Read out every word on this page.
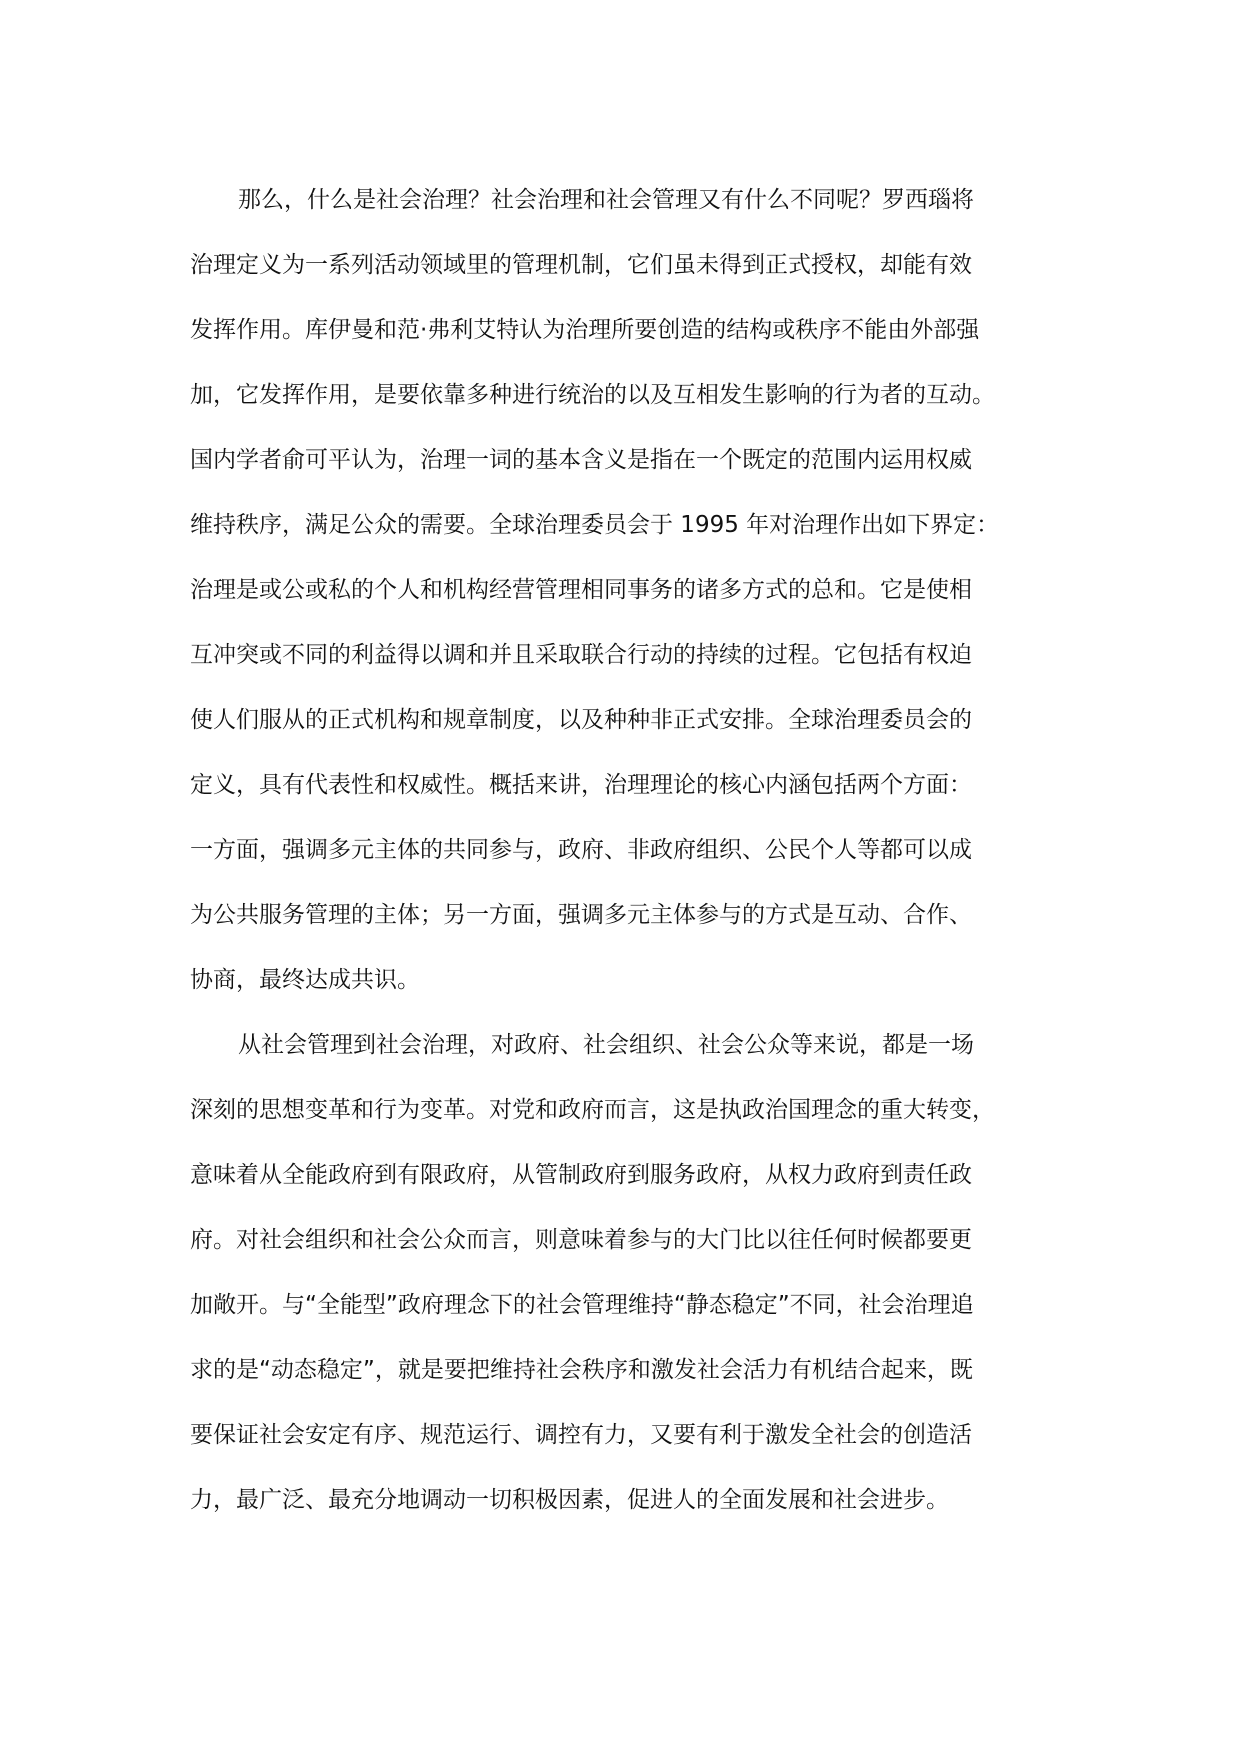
那么，什么是社会治理？社会治理和社会管理又有什么不同呢？罗西瑙将
治理定义为一系列活动领域里的管理机制，它们虽未得到正式授权，却能有效
发挥作用。库伊曼和范·弗利艾特认为治理所要创造的结构或秩序不能由外部强
加，它发挥作用，是要依靠多种进行统治的以及互相发生影响的行为者的互动。
国内学者俞可平认为，治理一词的基本含义是指在一个既定的范围内运用权威
维持秩序，满足公众的需要。全球治理委员会于 1995 年对治理作出如下界定：
治理是或公或私的个人和机构经营管理相同事务的诸多方式的总和。它是使相
互冲突或不同的利益得以调和并且采取联合行动的持续的过程。它包括有权迫
使人们服从的正式机构和规章制度，以及种种非正式安排。全球治理委员会的
定义，具有代表性和权威性。概括来讲，治理理论的核心内涵包括两个方面：
一方面，强调多元主体的共同参与，政府、非政府组织、公民个人等都可以成
为公共服务管理的主体；另一方面，强调多元主体参与的方式是互动、合作、
协商，最终达成共识。
从社会管理到社会治理，对政府、社会组织、社会公众等来说，都是一场
深刻的思想变革和行为变革。对党和政府而言，这是执政治国理念的重大转变，
意味着从全能政府到有限政府，从管制政府到服务政府，从权力政府到责任政
府。对社会组织和社会公众而言，则意味着参与的大门比以往任何时候都要更
加敞开。与“全能型”政府理念下的社会管理维持“静态稳定”不同，社会治理追
求的是“动态稳定”，就是要把维持社会秩序和激发社会活力有机结合起来，既
要保证社会安定有序、规范运行、调控有力，又要有利于激发全社会的创造活
力，最广泛、最充分地调动一切积极因素，促进人的全面发展和社会进步。
